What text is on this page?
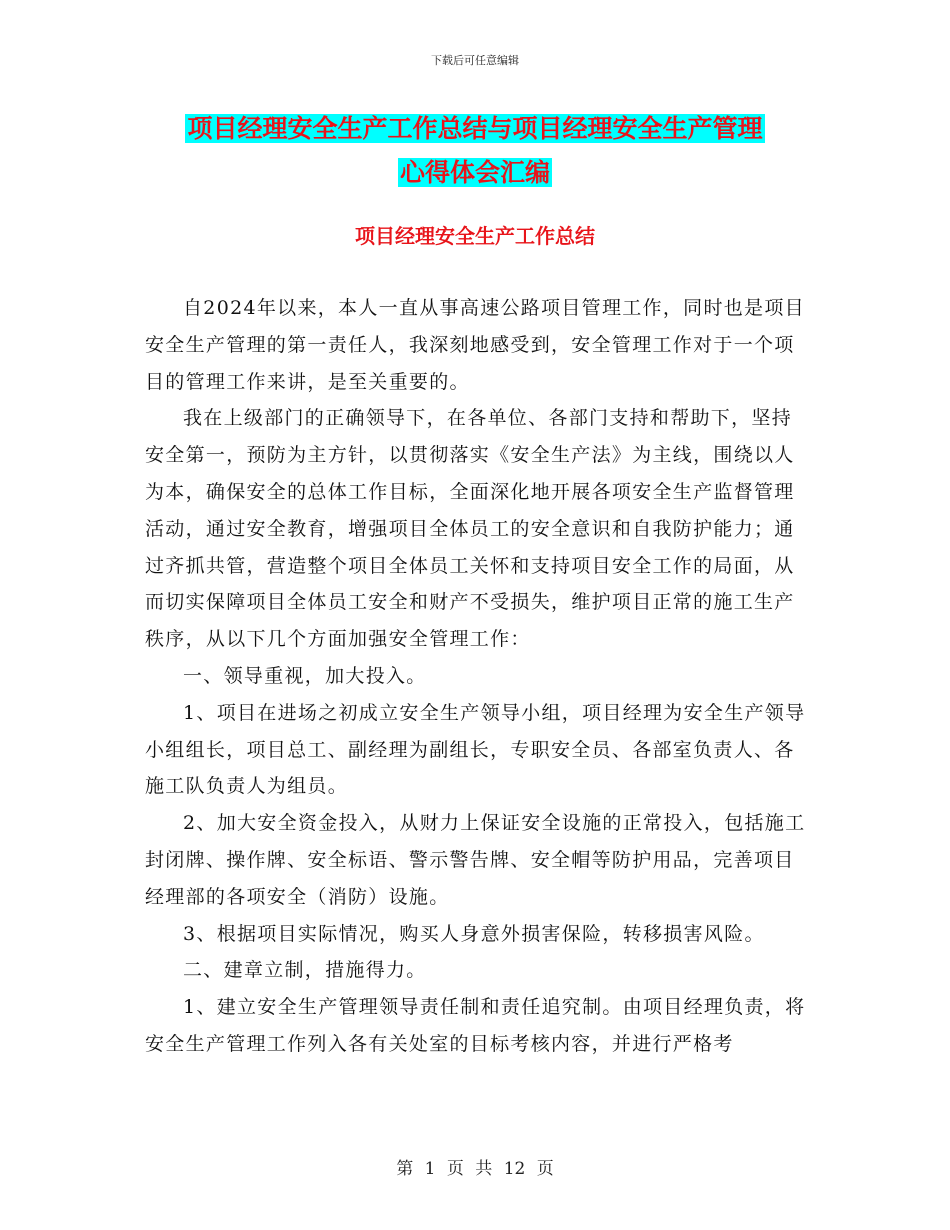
下载后可任意编辑
项目经理安全生产工作总结与项目经理安全生产管理
心得体会汇编
项目经理安全生产工作总结

自2024年以来，本人一直从事高速公路项目管理工作，同时也是项目安全生产管理的第一责任人，我深刻地感受到，安全管理工作对于一个项目的管理工作来讲，是至关重要的。

我在上级部门的正确领导下，在各单位、各部门支持和帮助下，坚持安全第一，预防为主方针，以贯彻落实《安全生产法》为主线，围绕以人为本，确保安全的总体工作目标，全面深化地开展各项安全生产监督管理活动，通过安全教育，增强项目全体员工的安全意识和自我防护能力；通过齐抓共管，营造整个项目全体员工关怀和支持项目安全工作的局面，从而切实保障项目全体员工安全和财产不受损失，维护项目正常的施工生产秩序，从以下几个方面加强安全管理工作：

一、领导重视，加大投入。

1、项目在进场之初成立安全生产领导小组，项目经理为安全生产领导小组组长，项目总工、副经理为副组长，专职安全员、各部室负责人、各施工队负责人为组员。

2、加大安全资金投入，从财力上保证安全设施的正常投入，包括施工封闭牌、操作牌、安全标语、警示警告牌、安全帽等防护用品，完善项目经理部的各项安全（消防）设施。

3、根据项目实际情况，购买人身意外损害保险，转移损害风险。

二、建章立制，措施得力。

1、建立安全生产管理领导责任制和责任追究制。由项目经理负责，将安全生产管理工作列入各有关处室的目标考核内容，并进行严格考

第 1 页 共 12 页
